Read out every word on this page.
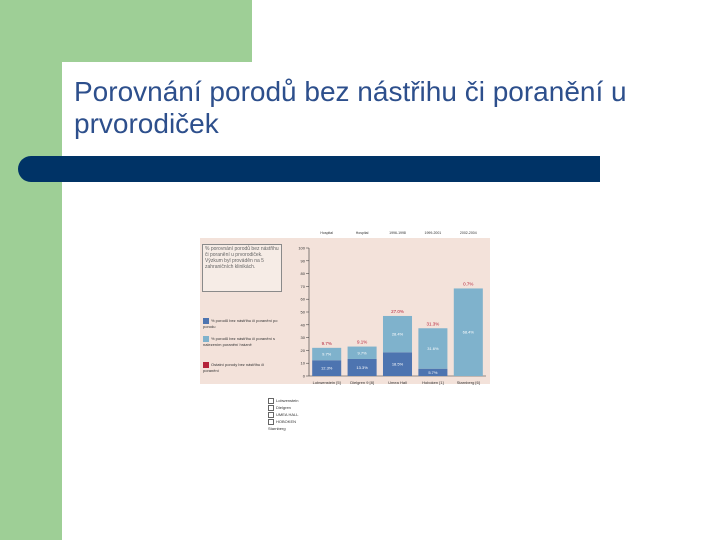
Porovnání porodů bez nástřihu či poranění u prvorodiček
% porovnání porodů bez nástřihu či poranění u prvorodiček. Výzkum byl prováděn na 5 zahraničních klinikách.
% porodů bez nástřihu či poranění po porodu
% porodů bez nástřihu či poranění s nalezením poranění hrázně
Ostatní porody bez nástřihu či poranění
Lobwenstein
Dielgren
UMEA HALL
HOBOKEN
Starnberg
100
90
80
70
60
50
40
30
20
10
0
12.3%
9.7%
9.7%
Lobwenstein [5]
Hospital
13.3%
9.7%
9.1%
Dielgren 9 [8]
Hospital
18.5%
28.4%
27.0%
Umea Hall
1996-1998
5.7%
31.6%
31.3%
Hoboken [1]
1999-2001
68.4%
0.7%
Starnberg [6]
2002-2004
